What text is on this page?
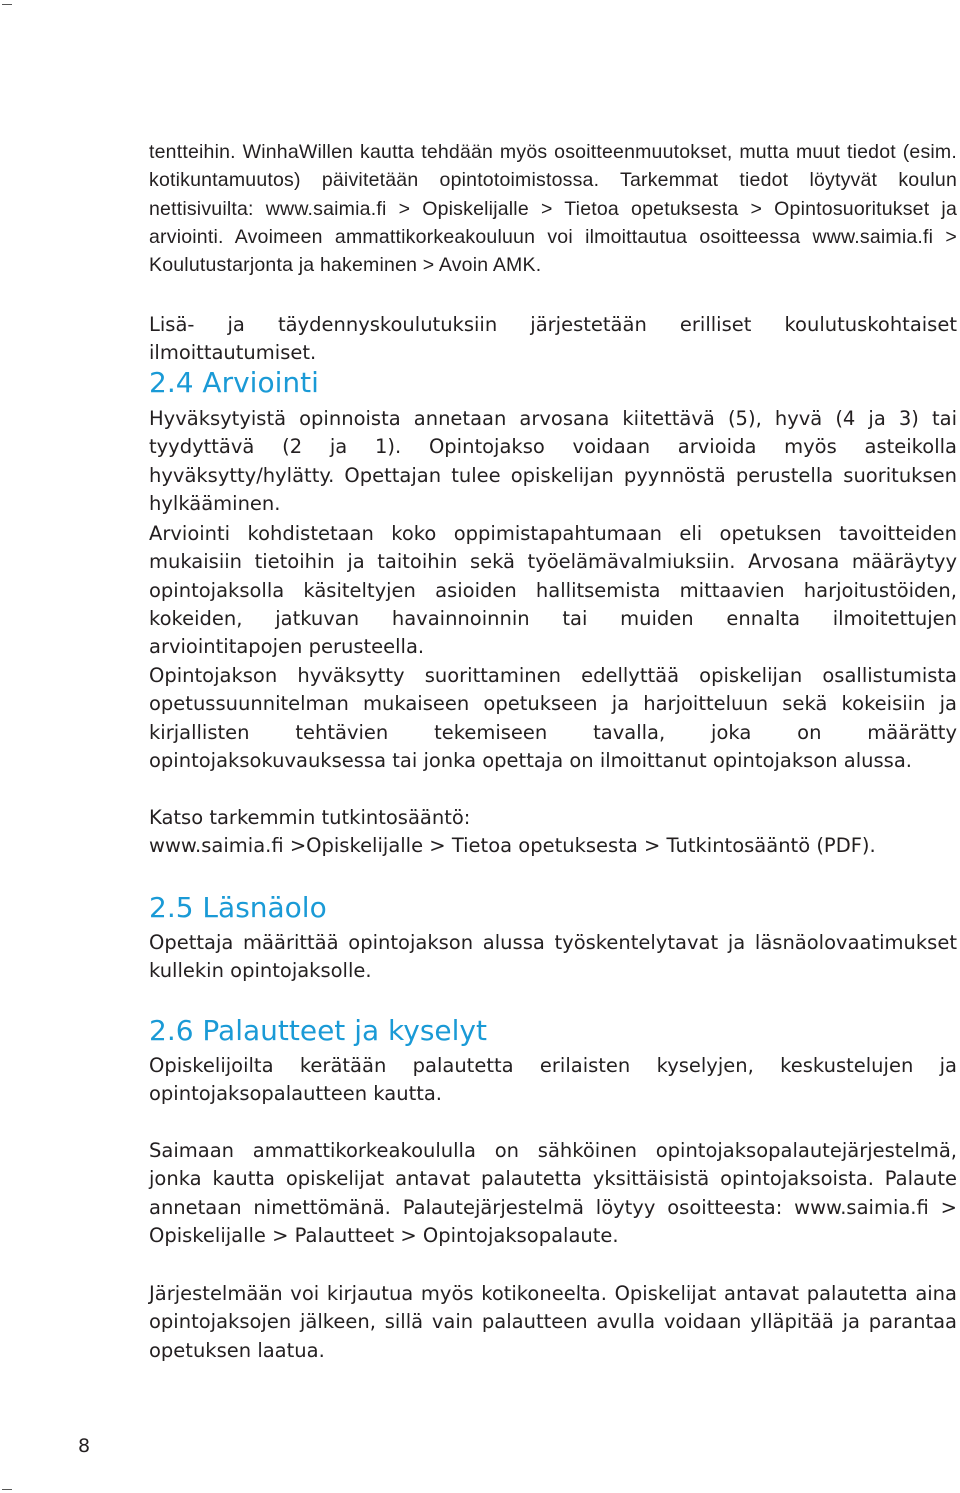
tentteihin. WinhaWillen kautta tehdään myös osoitteenmuutokset, mutta muut tiedot (esim. kotikuntamuutos) päivitetään opintotoimistossa. Tarkemmat tiedot löytyvät koulun nettisivuilta: www.saimia.fi > Opiskelijalle > Tietoa opetuksesta > Opintosuoritukset ja arviointi. Avoimeen ammattikorkeakouluun voi ilmoittautua osoitteessa www.saimia.fi > Koulutustarjonta ja hakeminen > Avoin AMK.

Lisä- ja täydennyskoulutuksiin järjestetään erilliset koulutuskohtaiset ilmoittautumiset.

2.4 Arviointi

Hyväksytyistä opinnoista annetaan arvosana kiitettävä (5), hyvä (4 ja 3) tai tyydyttävä (2 ja 1). Opintojakso voidaan arvioida myös asteikolla hyväksytty/hylätty. Opettajan tulee opiskelijan pyynnöstä perustella suorituksen hylkääminen.

Arviointi kohdistetaan koko oppimistapahtumaan eli opetuksen tavoitteiden mukaisiin tietoihin ja taitoihin sekä työelämävalmiuksiin. Arvosana määräytyy opintojaksolla käsiteltyjen asioiden hallitsemista mittaavien harjoitustöiden, kokeiden, jatkuvan havainnoinnin tai muiden ennalta ilmoitettujen arviointitapojen perusteella.

Opintojakson hyväksytty suorittaminen edellyttää opiskelijan osallistumista opetussuunnitelman mukaiseen opetukseen ja harjoitteluun sekä kokeisiin ja kirjallisten tehtävien tekemiseen tavalla, joka on määrätty opintojaksokuvauksessa tai jonka opettaja on ilmoittanut opintojakson alussa.

Katso tarkemmin tutkintosääntö:
www.saimia.fi >Opiskelijalle > Tietoa opetuksesta > Tutkintosääntö (PDF).

2.5 Läsnäolo

Opettaja määrittää opintojakson alussa työskentelytavat ja läsnäolovaatimukset kullekin opintojaksolle.

2.6 Palautteet ja kyselyt

Opiskelijoilta kerätään palautetta erilaisten kyselyjen, keskustelujen ja opintojaksopalautteen kautta.

Saimaan ammattikorkeakoululla on sähköinen opintojaksopalautejärjestelmä, jonka kautta opiskelijat antavat palautetta yksittäisistä opintojaksoista. Palaute annetaan nimettömänä. Palautejärjestelmä löytyy osoitteesta: www.saimia.fi > Opiskelijalle > Palautteet > Opintojaksopalaute.

Järjestelmään voi kirjautua myös kotikoneelta. Opiskelijat antavat palautetta aina opintojaksojen jälkeen, sillä vain palautteen avulla voidaan ylläpitää ja parantaa opetuksen laatua.

8
